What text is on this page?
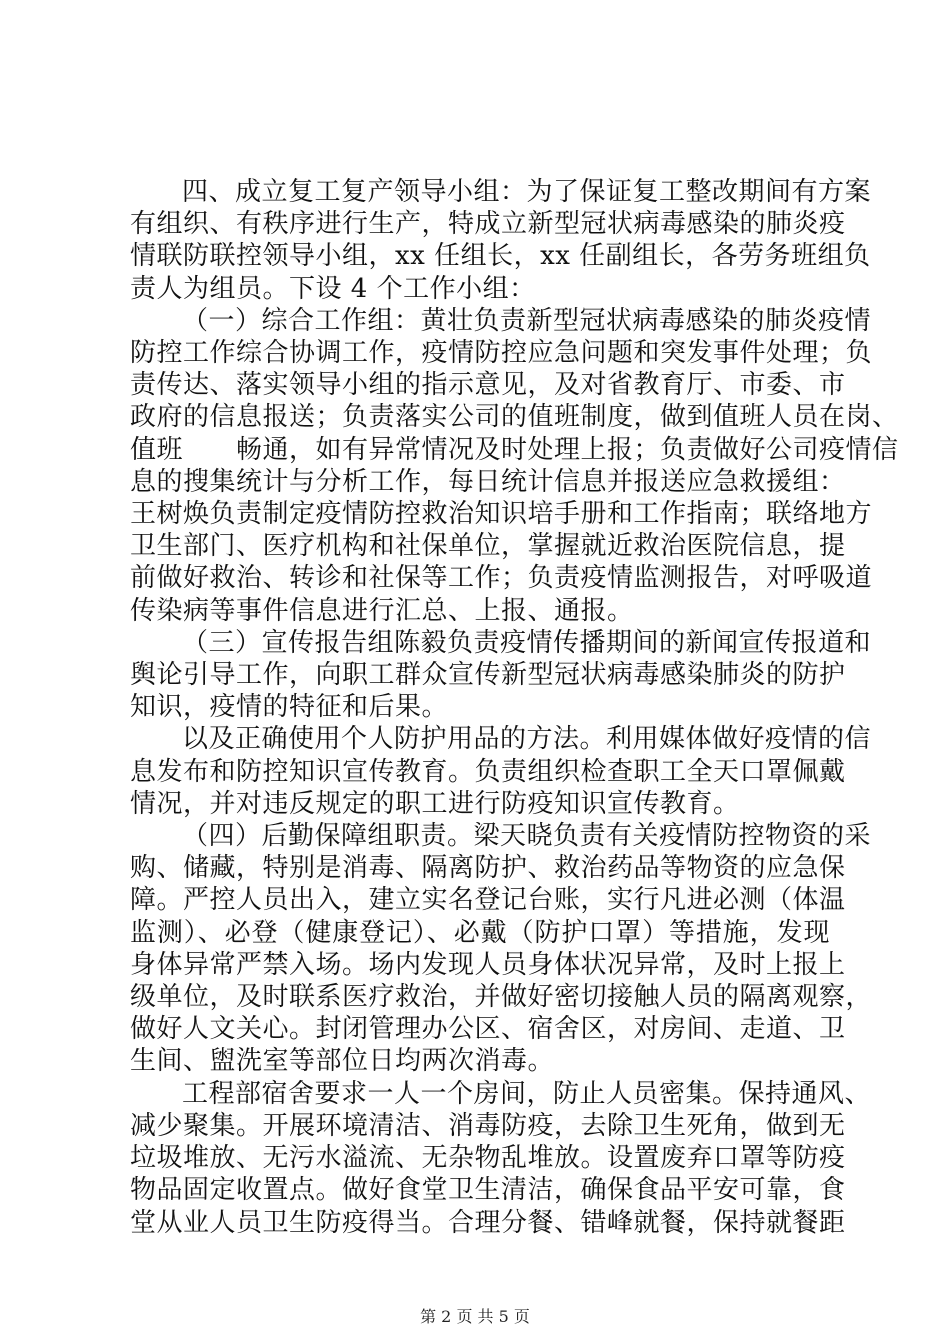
四、成立复工复产领导小组：为了保证复工整改期间有方案
有组织、有秩序进行生产，特成立新型冠状病毒感染的肺炎疫
情联防联控领导小组，xx 任组长，xx 任副组长，各劳务班组负
责人为组员。下设 4 个工作小组：

（一）综合工作组：黄壮负责新型冠状病毒感染的肺炎疫情
防控工作综合协调工作，疫情防控应急问题和突发事件处理；负
责传达、落实领导小组的指示意见，及对省教育厅、市委、市
政府的信息报送；负责落实公司的值班制度，做到值班人员在岗、
值班　　畅通，如有异常情况及时处理上报；负责做好公司疫情信
息的搜集统计与分析工作，每日统计信息并报送应急救援组：
王树焕负责制定疫情防控救治知识培手册和工作指南；联络地方
卫生部门、医疗机构和社保单位，掌握就近救治医院信息，提
前做好救治、转诊和社保等工作；负责疫情监测报告，对呼吸道
传染病等事件信息进行汇总、上报、通报。

（三）宣传报告组陈毅负责疫情传播期间的新闻宣传报道和
舆论引导工作，向职工群众宣传新型冠状病毒感染肺炎的防护
知识，疫情的特征和后果。

以及正确使用个人防护用品的方法。利用媒体做好疫情的信
息发布和防控知识宣传教育。负责组织检查职工全天口罩佩戴
情况，并对违反规定的职工进行防疫知识宣传教育。

（四）后勤保障组职责。梁天晓负责有关疫情防控物资的采
购、储藏，特别是消毒、隔离防护、救治药品等物资的应急保
障。严控人员出入，建立实名登记台账，实行凡进必测（体温
监测）、必登（健康登记）、必戴（防护口罩）等措施，发现
身体异常严禁入场。场内发现人员身体状况异常，及时上报上
级单位，及时联系医疗救治，并做好密切接触人员的隔离观察，
做好人文关心。封闭管理办公区、宿舍区，对房间、走道、卫
生间、盥洗室等部位日均两次消毒。

工程部宿舍要求一人一个房间，防止人员密集。保持通风、
减少聚集。开展环境清洁、消毒防疫，去除卫生死角，做到无
垃圾堆放、无污水溢流、无杂物乱堆放。设置废弃口罩等防疫
物品固定收置点。做好食堂卫生清洁，确保食品平安可靠，食
堂从业人员卫生防疫得当。合理分餐、错峰就餐，保持就餐距

第 2 页 共 5 页
